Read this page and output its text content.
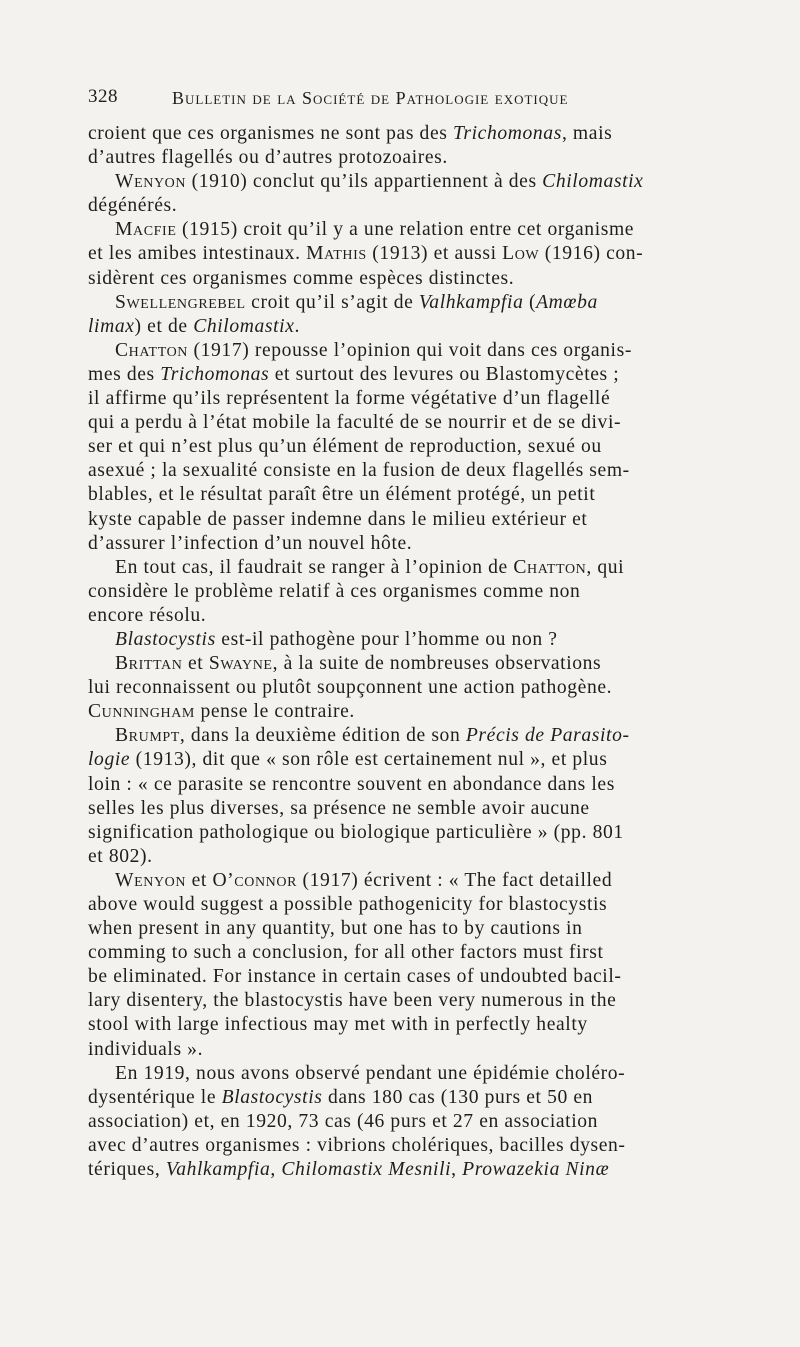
328	Bulletin de la Société de Pathologie exotique
croient que ces organismes ne sont pas des Trichomonas, mais
d’autres flagellés ou d’autres protozoaires.
Wenyon (1910) conclut qu’ils appartiennent à des Chilomastix
dégénérés.
Macfie (1915) croit qu’il y a une relation entre cet organisme
et les amibes intestinaux. Mathis (1913) et aussi Low (1916) con-
sidèrent ces organismes comme espèces distinctes.
Swellengrebel croit qu’il s’agit de Valhkampfia (Amœba
limax) et de Chilomastix.
Chatton (1917) repousse l’opinion qui voit dans ces organis-
mes des Trichomonas et surtout des levures ou Blastomycètes ;
il affirme qu’ils représentent la forme végétative d’un flagellé
qui a perdu à l’état mobile la faculté de se nourrir et de se divi-
ser et qui n’est plus qu’un élément de reproduction, sexué ou
asexué ; la sexualité consiste en la fusion de deux flagellés sem-
blables, et le résultat paraît être un élément protégé, un petit
kyste capable de passer indemne dans le milieu extérieur et
d’assurer l’infection d’un nouvel hôte.
En tout cas, il faudrait se ranger à l’opinion de Chatton, qui
considère le problème relatif à ces organismes comme non
encore résolu.
Blastocystis est-il pathogène pour l’homme ou non ?
Brittan et Swayne, à la suite de nombreuses observations
lui reconnaissent ou plutôt soupçonnent une action pathogène.
Cunningham pense le contraire.
Brumpt, dans la deuxième édition de son Précis de Parasito-
logie (1913), dit que « son rôle est certainement nul », et plus
loin : « ce parasite se rencontre souvent en abondance dans les
selles les plus diverses, sa présence ne semble avoir aucune
signification pathologique ou biologique particulière » (pp. 801
et 802).
Wenyon et O’connor (1917) écrivent : « The fact detailled
above would suggest a possible pathogenicity for blastocystis
when present in any quantity, but one has to by cautions in
comming to such a conclusion, for all other factors must first
be eliminated. For instance in certain cases of undoubted bacil-
lary disentery, the blastocystis have been very numerous in the
stool with large infectious may met with in perfectly healty
individuals ».
En 1919, nous avons observé pendant une épidémie choléro-
dysentérique le Blastocystis dans 180 cas (130 purs et 50 en
association) et, en 1920, 73 cas (46 purs et 27 en association
avec d’autres organismes : vibrions cholériques, bacilles dysen-
tériques, Vahlkampfia, Chilomastix Mesnili, Prowazekia Ninæ
